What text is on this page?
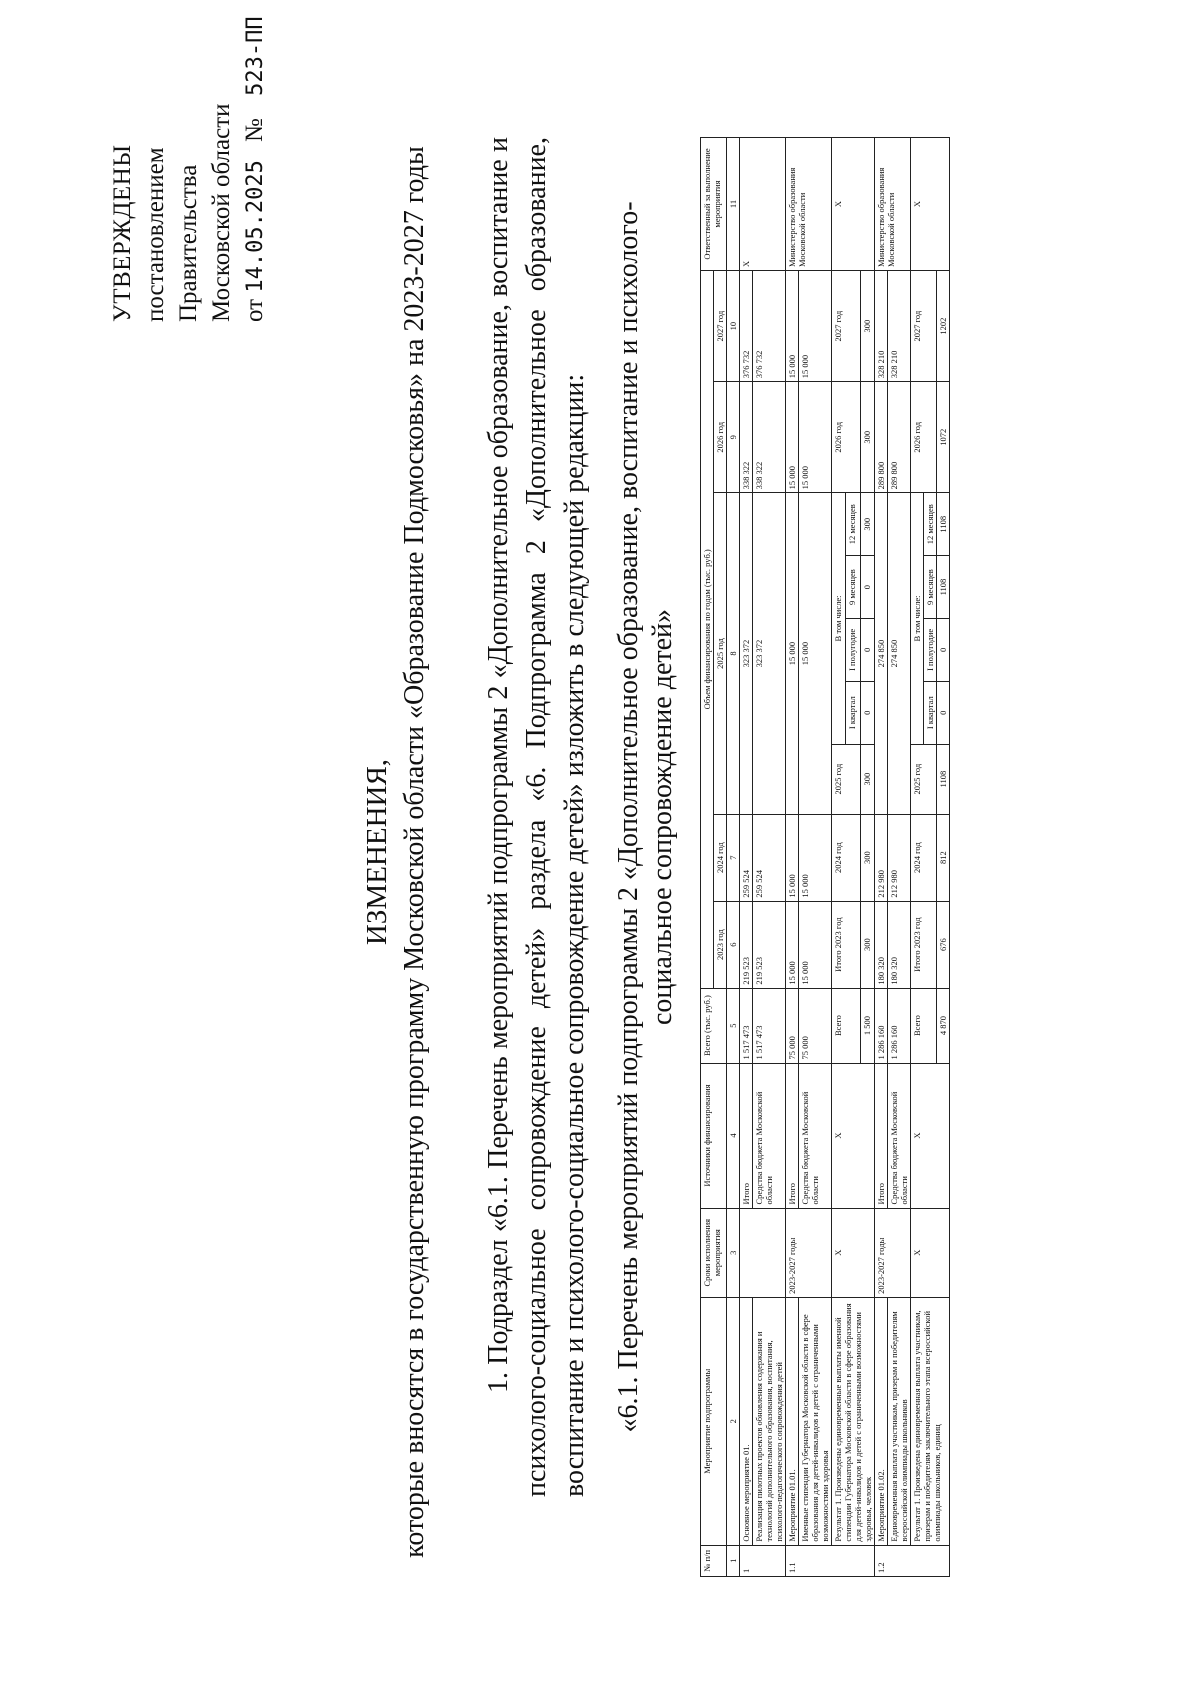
УТВЕРЖДЕНЫ постановлением Правительства Московской области от 14.05.2025 № 523-ПП
ИЗМЕНЕНИЯ, которые вносятся в государственную программу Московской области «Образование Подмосковья» на 2023-2027 годы 1. Подраздел «6.1. Перечень мероприятий подпрограммы 2 «Дополнительное образование, воспитание и психолого-социальное сопровождение детей» раздела «6. Подпрограмма 2 «Дополнительное образование, воспитание и психолого-социальное сопровождение детей» изложить в следующей редакции: «6.1. Перечень мероприятий подпрограммы 2 «Дополнительное образование, воспитание и психолого-социальное сопровождение детей»
№ п/п	Мероприятие подпрограммы	Сроки исполнения мероприятия	Источники финансирования	Всего (тыс. руб.)	Объем финансирования по годам (тыс. руб.)									Ответственный за выполнение мероприятия
					2023 год	2024 год	2025 год					2026 год	2027 год	
1	2	3	4	5	6	7	8					9	10	11
1	Основное мероприятие 01.		Итого	1 517 473	219 523	259 524	323 372					338 322	376 732	Х
	Реализация пилотных проектов обновления содержания и технологий дополнительного образования, воспитания, психолого-педагогического сопровождения детей		Средства бюджета Московской области	1 517 473	219 523	259 524	323 372					338 322	376 732	
1.1	Мероприятие 01.01.	2023-2027 годы	Итого	75 000	15 000	15 000	15 000					15 000	15 000	Министерство образования Московской области
	Именные стипендии Губернатора Московской области в сфере образования для детей-инвалидов и детей с ограниченными возможностями здоровья		Средства бюджета Московской области	75 000	15 000	15 000	15 000					15 000	15 000	
	Результат 1. Произведены единовременные выплаты именной стипендии Губернатора Московской области в сфере образования для детей-инвалидов и детей с ограниченными возможностями здоровья, человек	Х	Х	Всего	Итого 2023 год	2024 год	2025 год	В том числе:				2026 год	2027 год	Х
								I квартал	I полугодие	9 месяцев	12 месяцев			
				1 500	300	300	300	0	0	0	300	300	300	
1.2	Мероприятие 01.02.	2023-2027 годы	Итого	1 286 160	180 320	212 980	274 850					289 800	328 210	Министерство образования Московской области
	Единовременная выплата участникам, призерам и победителям всероссийской олимпиады школьников		Средства бюджета Московской области	1 286 160	180 320	212 980	274 850					289 800	328 210	
	Результат 1. Произведена единовременная выплата участникам, призерам и победителям заключительного этапа всероссийской олимпиады школьников, единиц	Х	Х	Всего	Итого 2023 год	2024 год	2025 год	В том числе:				2026 год	2027 год	Х
								I квартал	I полугодие	9 месяцев	12 месяцев			
				4 870	676	812	1108	0	0	1108	1108	1072	1202	
